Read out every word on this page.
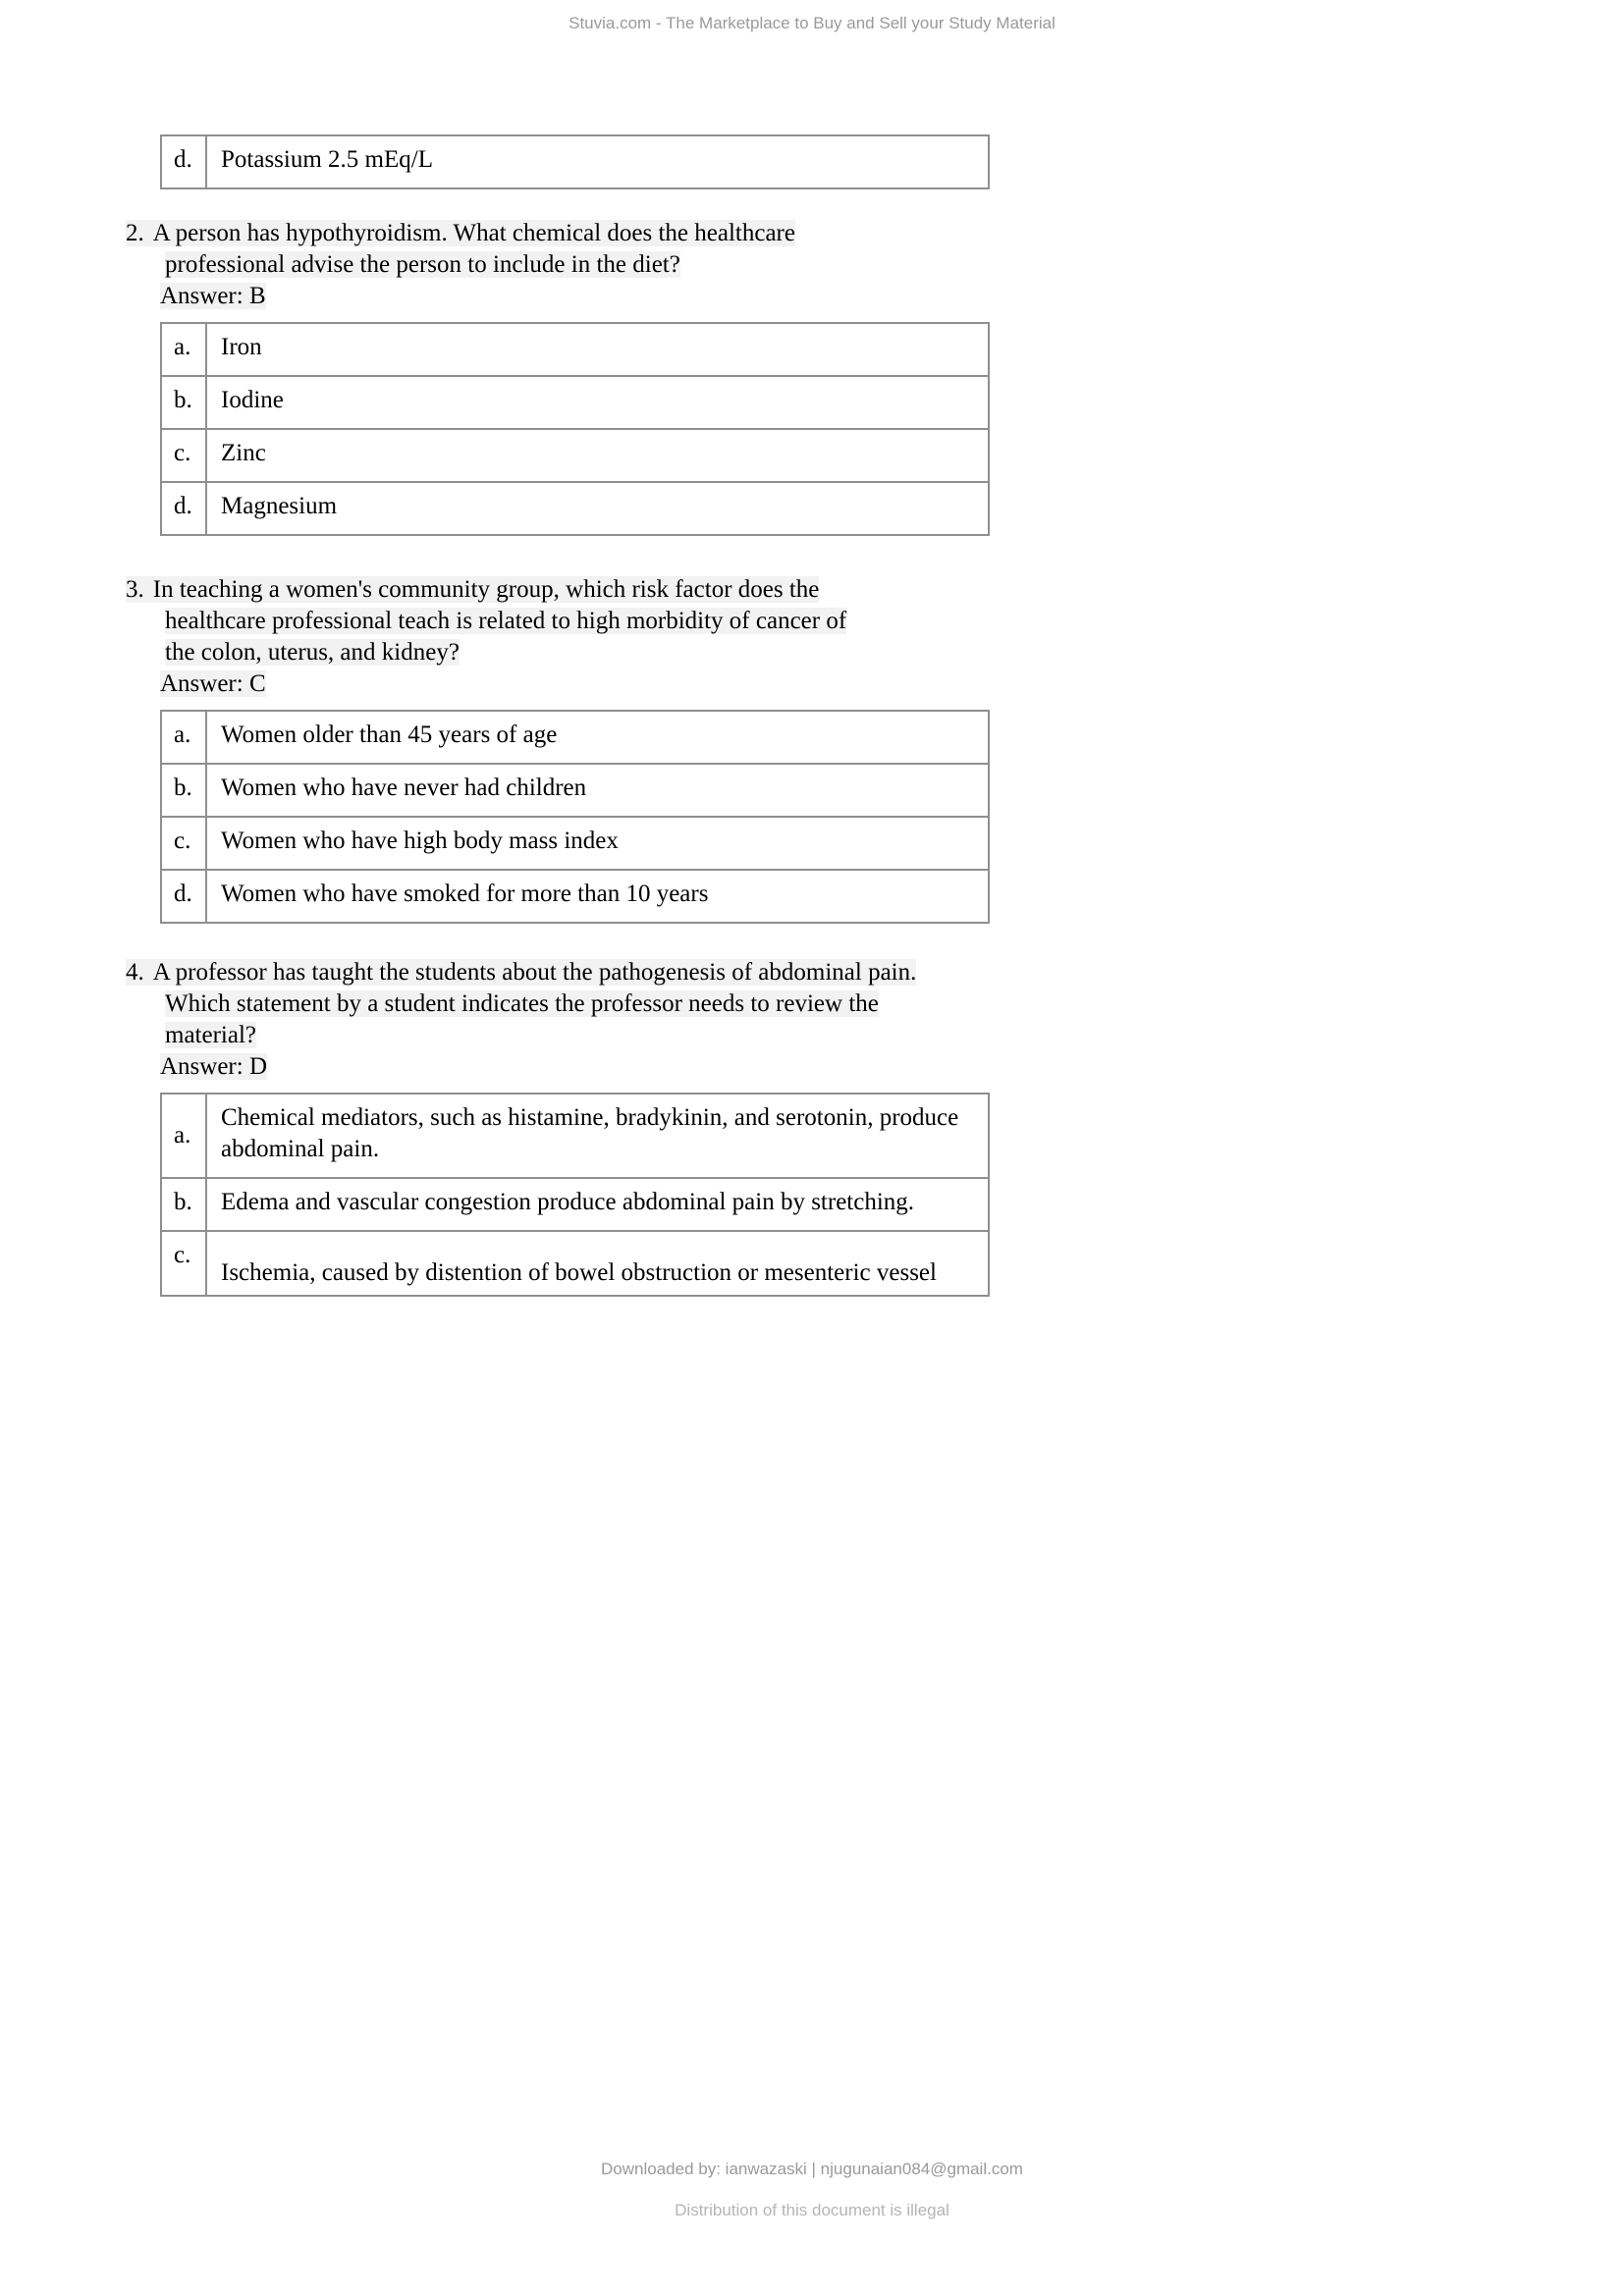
Stuvia.com - The Marketplace to Buy and Sell your Study Material
d.	Potassium 2.5 mEq/L
2. A person has hypothyroidism. What chemical does the healthcare
professional advise the person to include in the diet?
Answer: B
a.	Iron
b.	Iodine
c.	Zinc
d.	Magnesium
3. In teaching a women's community group, which risk factor does the
healthcare professional teach is related to high morbidity of cancer of
the colon, uterus, and kidney?
Answer: C
a.	Women older than 45 years of age
b.	Women who have never had children
c.	Women who have high body mass index
d.	Women who have smoked for more than 10 years
4. A professor has taught the students about the pathogenesis of abdominal pain.
Which statement by a student indicates the professor needs to review the
material?
Answer: D
a.	Chemical mediators, such as histamine, bradykinin, and serotonin, produce abdominal pain.
b.	Edema and vascular congestion produce abdominal pain by stretching.
c.	Ischemia, caused by distention of bowel obstruction or mesenteric vessel
Downloaded by: ianwazaski | njugunaian084@gmail.com
Distribution of this document is illegal
